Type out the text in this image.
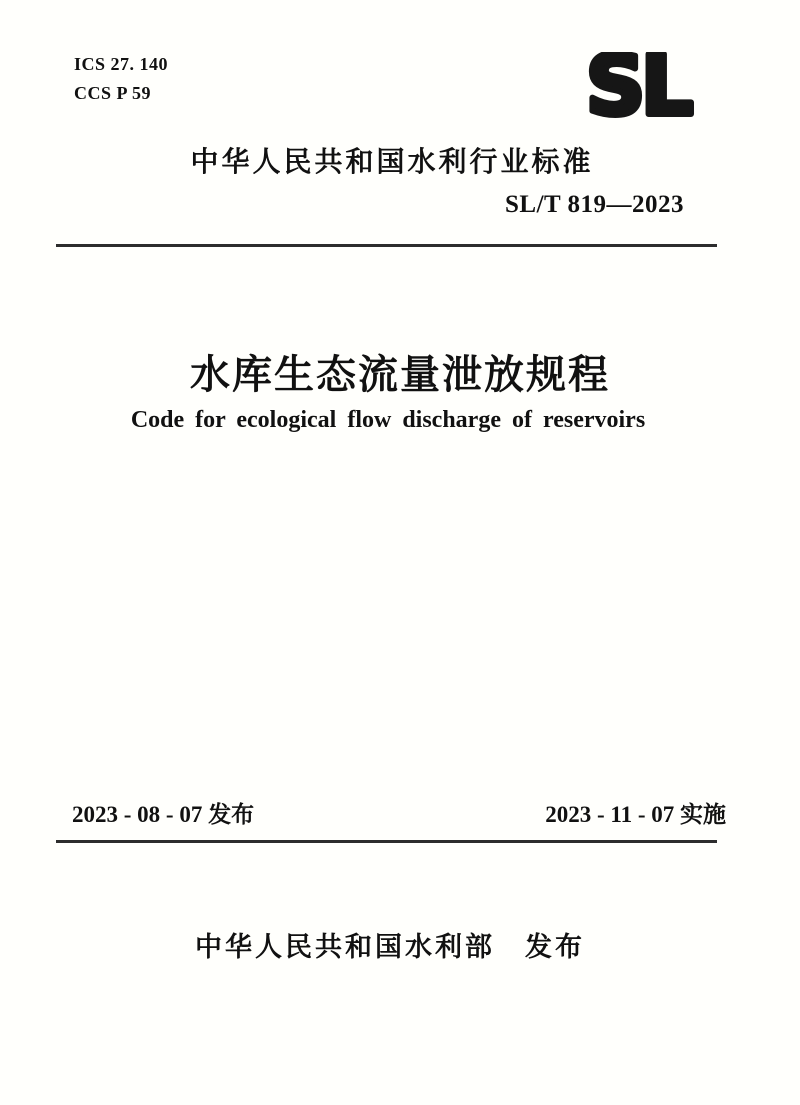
ICS 27. 140
CCS P 59	SL
中华人民共和国水利行业标准
SL/T 819—2023
水库生态流量泄放规程
Code for ecological flow discharge of reservoirs
2023 - 08 - 07 发布	2023 - 11 - 07 实施
中华人民共和国水利部　发布
